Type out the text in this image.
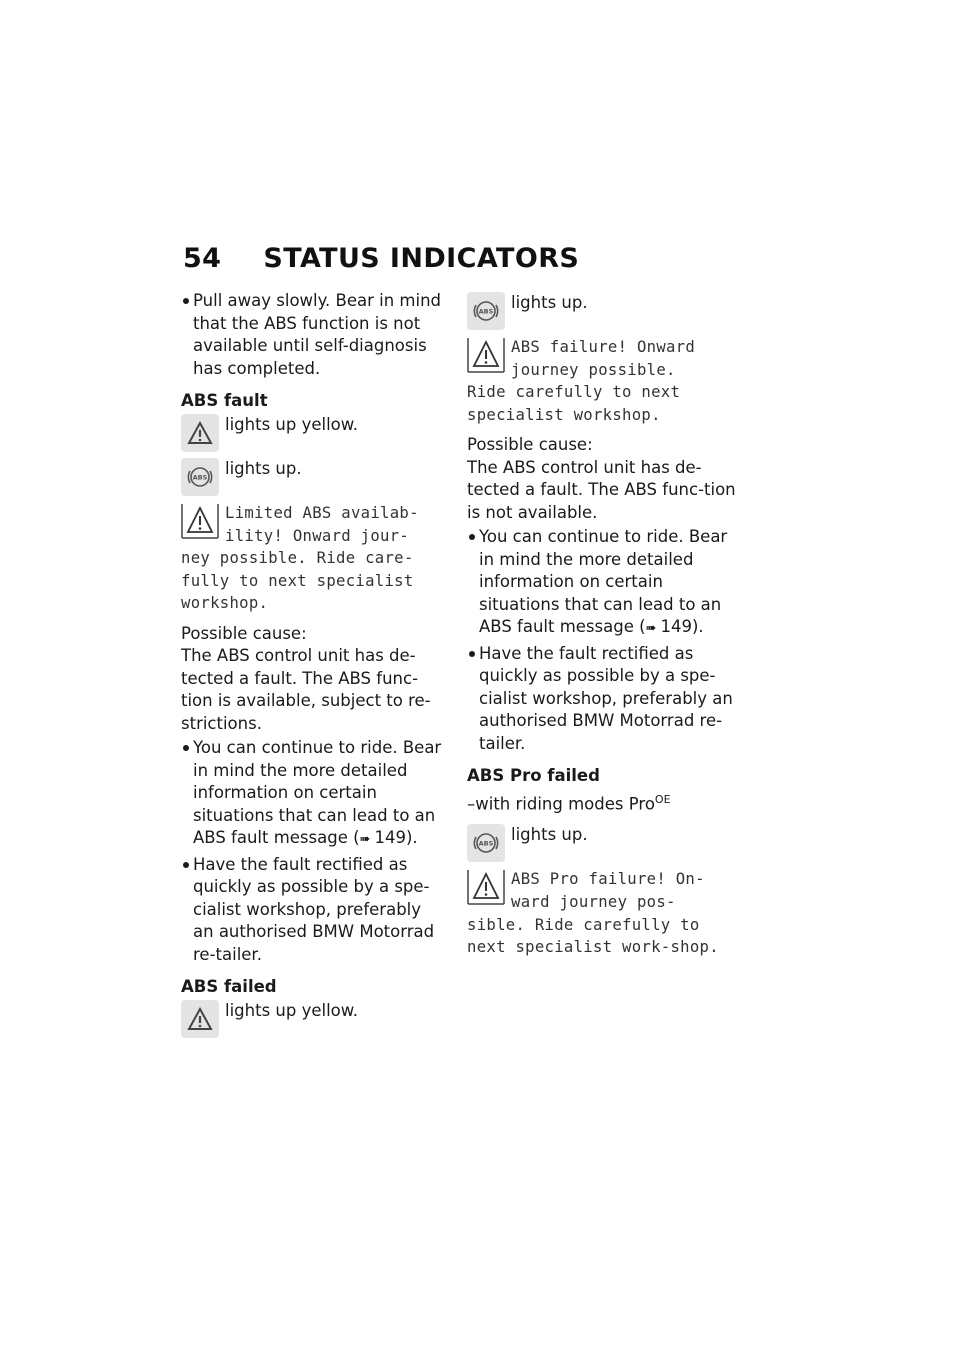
54 STATUS INDICATORS
Pull away slowly. Bear in mind that the ABS function is not available until self-diagnosis has completed.
ABS fault
lights up yellow.
ABS lights up.
Limited ABS availab-
ility! Onward jour-
ney possible. Ride care-fully to next specialist workshop.
Possible cause:
The ABS control unit has de-tected a fault. The ABS func-tion is available, subject to re-strictions.
You can continue to ride. Bear in mind the more detailed information on certain situations that can lead to an ABS fault message (➠ 149).
Have the fault rectified as quickly as possible by a spe-cialist workshop, preferably an authorised BMW Motorrad re-tailer.
ABS failed
lights up yellow.
ABS lights up.
ABS failure! Onward
journey possible.
Ride carefully to next specialist workshop.
Possible cause:
The ABS control unit has de-tected a fault. The ABS func-tion is not available.
You can continue to ride. Bear in mind the more detailed information on certain situations that can lead to an ABS fault message (➠ 149).
Have the fault rectified as quickly as possible by a spe-cialist workshop, preferably an authorised BMW Motorrad re-tailer.
ABS Pro failed
–with riding modes Pro$^{OE}$
ABS lights up.
ABS Pro failure! On-
ward journey pos-
sible. Ride carefully to next specialist work-shop.
